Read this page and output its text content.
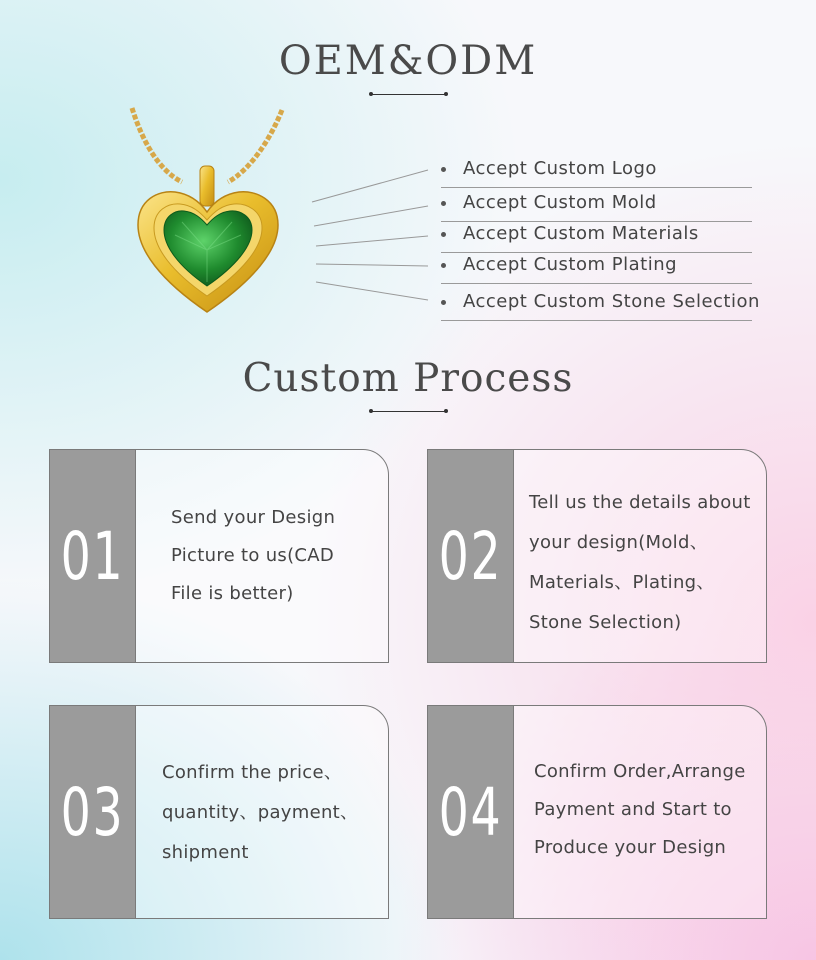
OEM&ODM
Accept Custom Logo
Accept Custom Mold
Accept Custom Materials
Accept Custom Plating
Accept Custom Stone Selection
Custom Process
01	Send your Design
Picture to us(CAD
File is better)	02
Tell us the details about
your design(Mold、
Materials、Plating、
Stone Selection)
03
Confirm the price、
quantity、payment、
shipment
04
Confirm Order,Arrange
Payment and Start to
Produce your Design
